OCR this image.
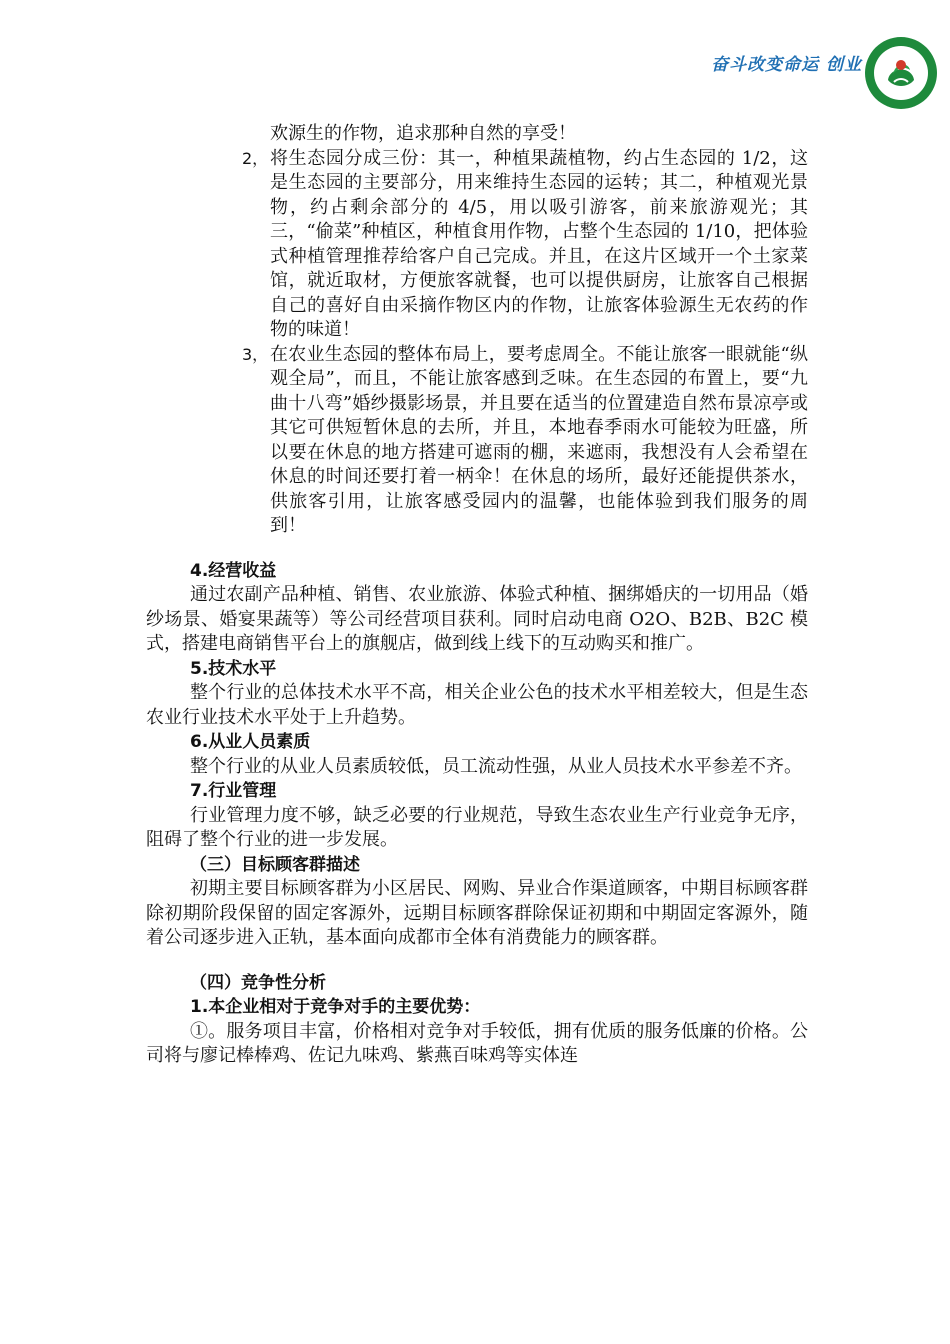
奋斗改变命运 创业

欢源生的作物，追求那种自然的享受！

2， 将生态园分成三份：其一，种植果蔬植物，约占生态园的 1/2，这是生态园的主要部分，用来维持生态园的运转；其二，种植观光景物，约占剩余部分的 4/5，用以吸引游客，前来旅游观光；其三，“偷菜”种植区，种植食用作物，占整个生态园的 1/10，把体验式种植管理推荐给客户自己完成。并且，在这片区域开一个土家菜馆，就近取材，方便旅客就餐，也可以提供厨房，让旅客自己根据自己的喜好自由采摘作物区内的作物，让旅客体验源生无农药的作物的味道！
3， 在农业生态园的整体布局上，要考虑周全。不能让旅客一眼就能“纵观全局”，而且，不能让旅客感到乏味。在生态园的布置上，要“九曲十八弯”婚纱摄影场景，并且要在适当的位置建造自然布景凉亭或其它可供短暂休息的去所，并且，本地春季雨水可能较为旺盛，所以要在休息的地方搭建可遮雨的棚，来遮雨，我想没有人会希望在休息的时间还要打着一柄伞！在休息的场所，最好还能提供茶水，供旅客引用，让旅客感受园内的温馨，也能体验到我们服务的周到！

4.经营收益

通过农副产品种植、销售、农业旅游、体验式种植、捆绑婚庆的一切用品（婚纱场景、婚宴果蔬等）等公司经营项目获利。同时启动电商 O2O、B2B、B2C 模式，搭建电商销售平台上的旗舰店，做到线上线下的互动购买和推广。

5.技术水平

整个行业的总体技术水平不高，相关企业公色的技术水平相差较大，但是生态农业行业技术水平处于上升趋势。

6.从业人员素质

整个行业的从业人员素质较低，员工流动性强，从业人员技术水平参差不齐。

7.行业管理

行业管理力度不够，缺乏必要的行业规范，导致生态农业生产行业竞争无序，阻碍了整个行业的进一步发展。

（三）目标顾客群描述

初期主要目标顾客群为小区居民、网购、异业合作渠道顾客，中期目标顾客群除初期阶段保留的固定客源外，远期目标顾客群除保证初期和中期固定客源外，随着公司逐步进入正轨，基本面向成都市全体有消费能力的顾客群。

（四）竞争性分析

1.本企业相对于竞争对手的主要优势：

①。服务项目丰富，价格相对竞争对手较低，拥有优质的服务低廉的价格。公司将与廖记棒棒鸡、佐记九味鸡、紫燕百味鸡等实体连
